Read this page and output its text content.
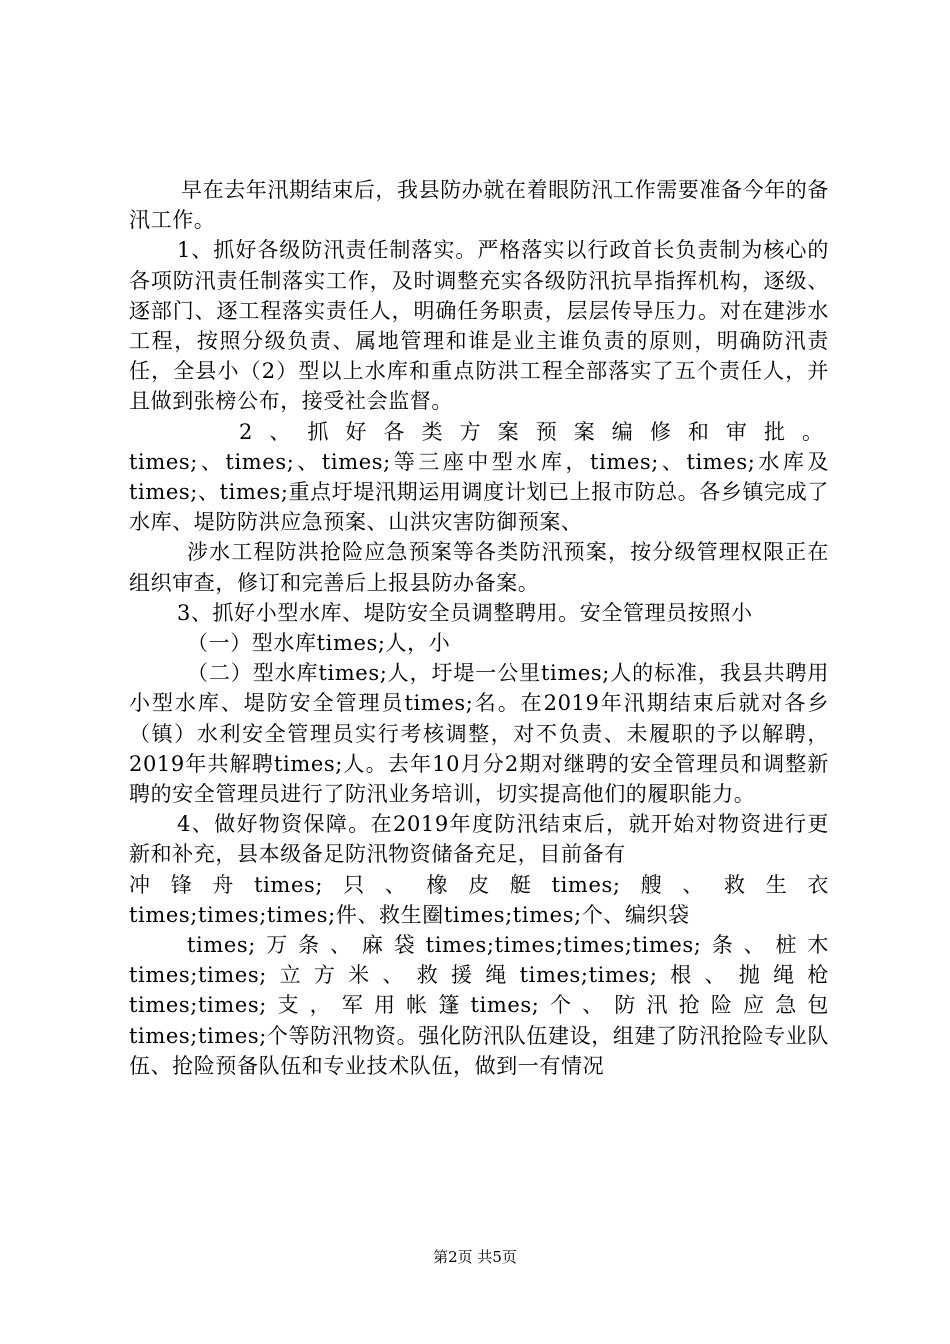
早在去年汛期结束后，我县防办就在着眼防汛工作需要准备今年的备汛工作。

1、抓好各级防汛责任制落实。严格落实以行政首长负责制为核心的各项防汛责任制落实工作，及时调整充实各级防汛抗旱指挥机构，逐级、逐部门、逐工程落实责任人，明确任务职责，层层传导压力。对在建涉水工程，按照分级负责、属地管理和谁是业主谁负责的原则，明确防汛责任，全县小（2）型以上水库和重点防洪工程全部落实了五个责任人，并且做到张榜公布，接受社会监督。

2、抓好各类方案预案编修和审批。

times;、times;、times;等三座中型水库，times;、times;水库及times;、times;重点圩堤汛期运用调度计划已上报市防总。各乡镇完成了水库、堤防防洪应急预案、山洪灾害防御预案、

涉水工程防洪抢险应急预案等各类防汛预案，按分级管理权限正在组织审查，修订和完善后上报县防办备案。

3、抓好小型水库、堤防安全员调整聘用。安全管理员按照小

（一）型水库times;人，小

（二）型水库times;人，圩堤一公里times;人的标准，我县共聘用小型水库、堤防安全管理员times;名。在2019年汛期结束后就对各乡（镇）水利安全管理员实行考核调整，对不负责、未履职的予以解聘，2019年共解聘times;人。去年10月分2期对继聘的安全管理员和调整新聘的安全管理员进行了防汛业务培训，切实提高他们的履职能力。

4、做好物资保障。在2019年度防汛结束后，就开始对物资进行更新和补充，县本级备足防汛物资储备充足，目前备有

冲锋舟times;只、橡皮艇times;艘、救生衣

times;times;times;件、救生圈times;times;个、编织袋

times;万条、麻袋times;times;times;times;条、桩木

times;times;立方米、救援绳times;times;根、抛绳枪

times;times;支，军用帐篷times;个、防汛抢险应急包

times;times;个等防汛物资。强化防汛队伍建设，组建了防汛抢险专业队伍、抢险预备队伍和专业技术队伍，做到一有情况

第2页 共5页
